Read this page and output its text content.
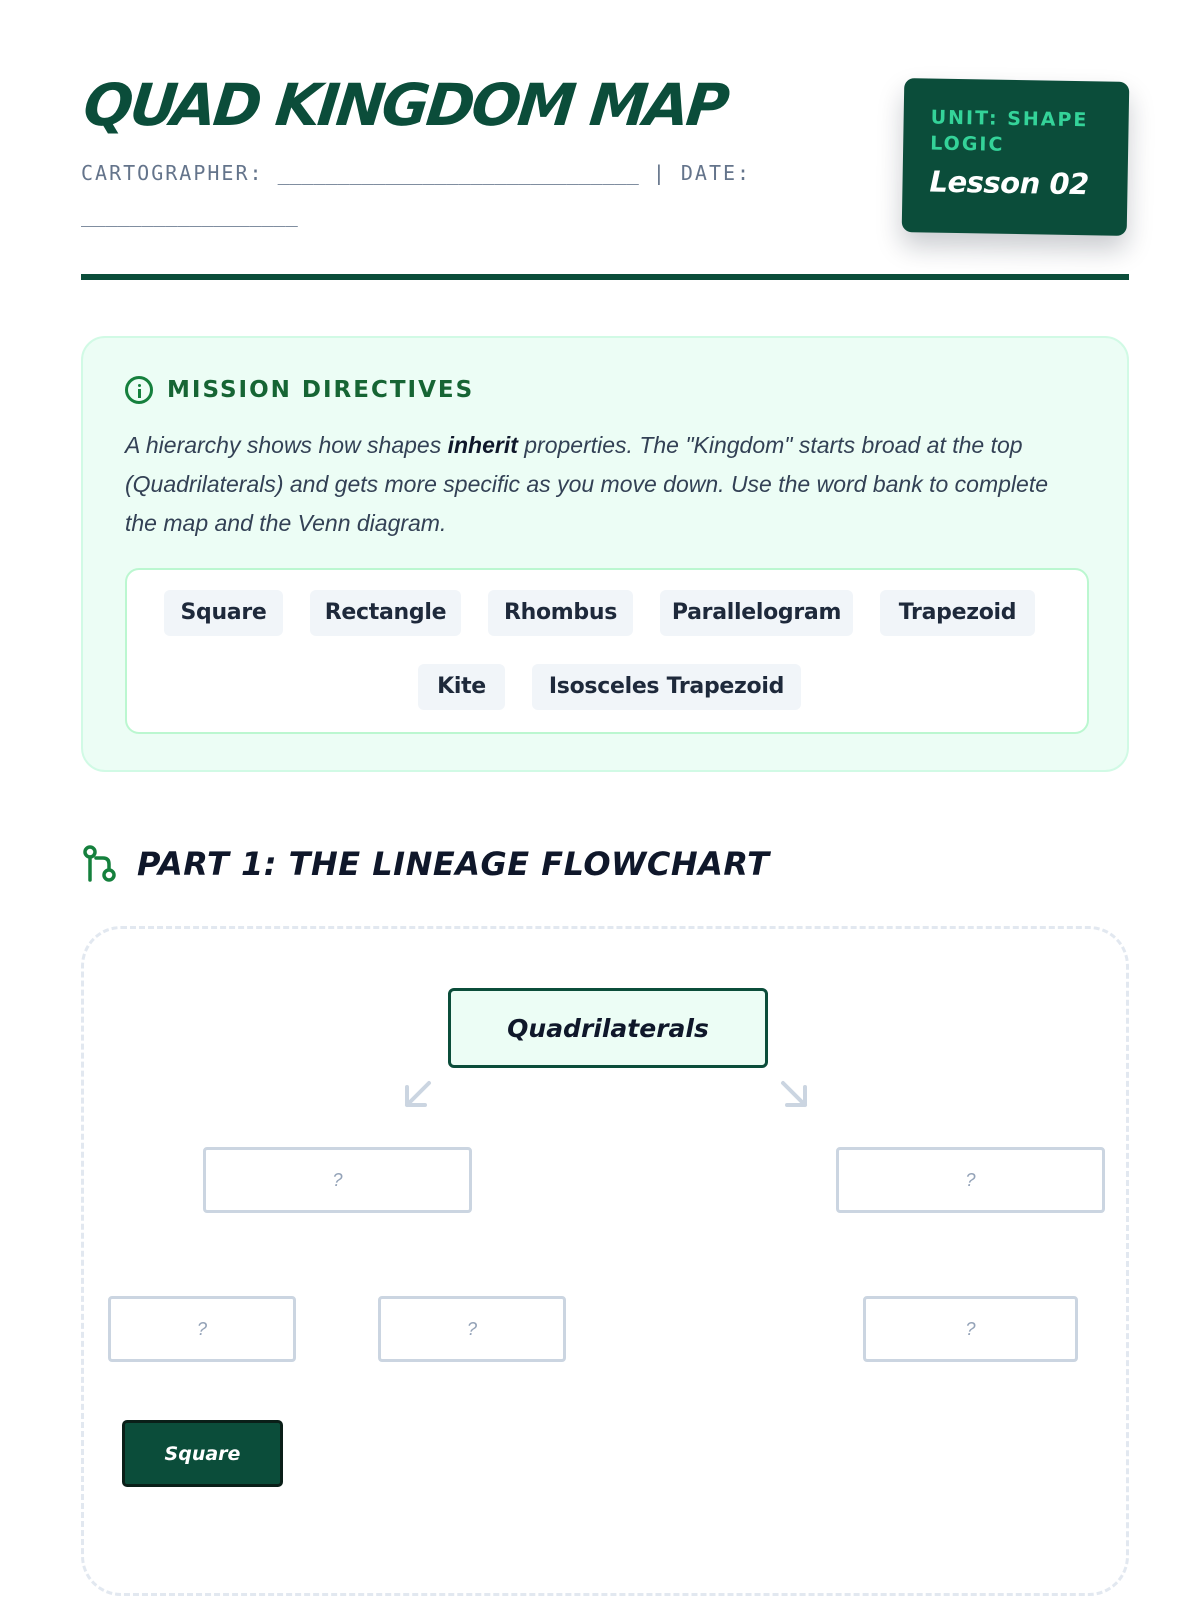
QUAD KINGDOM MAP
CARTOGRAPHER: ______________________________ | DATE: __________________
UNIT: SHAPE LOGIC
Lesson 02
MISSION DIRECTIVES

A hierarchy shows how shapes inherit properties. The "Kingdom" starts broad at the top (Quadrilaterals) and gets more specific as you move down. Use the word bank to complete the map and the Venn diagram.

Square	Rectangle	Rhombus	Parallelogram	Trapezoid
Kite	Isosceles Trapezoid
PART 1: THE LINEAGE FLOWCHART
Quadrilaterals
?	?
?	?	?
Square
